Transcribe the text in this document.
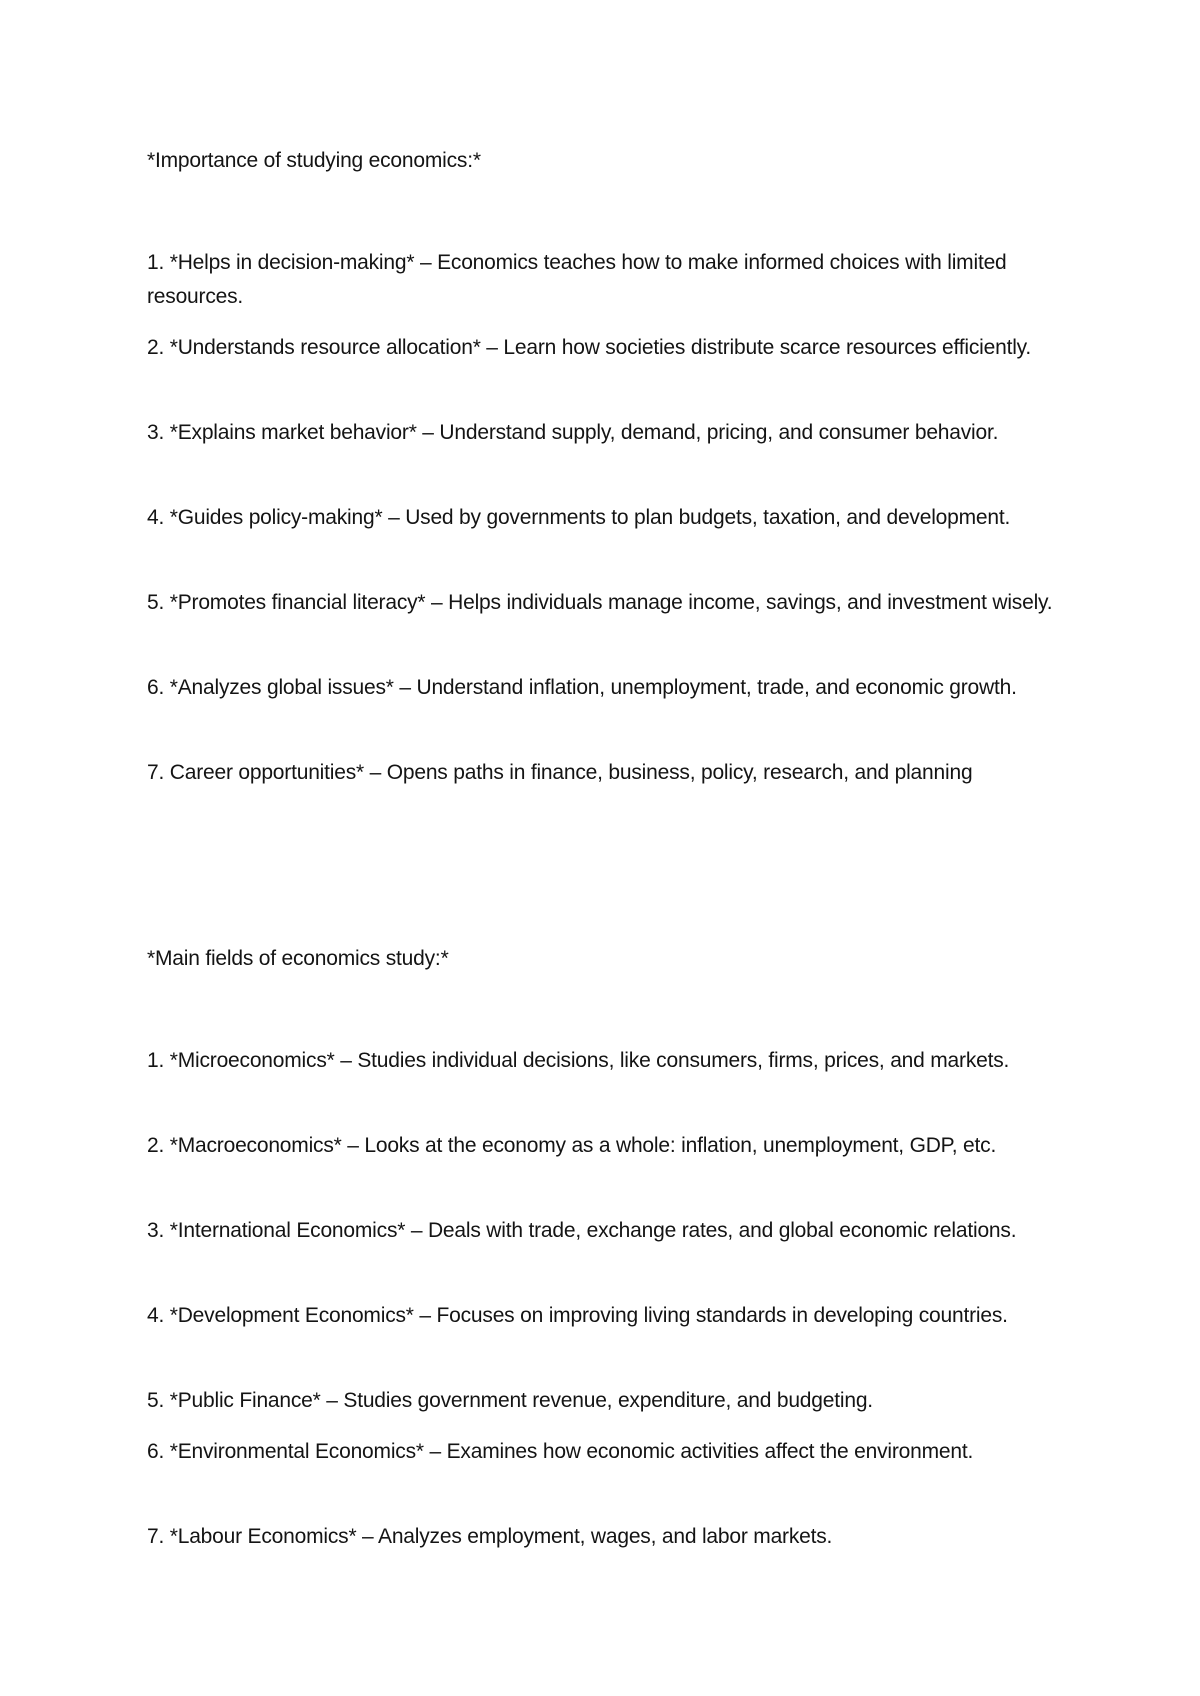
*Importance of studying economics:*

1. *Helps in decision-making* – Economics teaches how to make informed choices with limited resources.

2. *Understands resource allocation* – Learn how societies distribute scarce resources efficiently.

3. *Explains market behavior* – Understand supply, demand, pricing, and consumer behavior.

4. *Guides policy-making* – Used by governments to plan budgets, taxation, and development.

5. *Promotes financial literacy* – Helps individuals manage income, savings, and investment wisely.

6. *Analyzes global issues* – Understand inflation, unemployment, trade, and economic growth.

7. Career opportunities* – Opens paths in finance, business, policy, research, and planning

*Main fields of economics study:*

1. *Microeconomics* – Studies individual decisions, like consumers, firms, prices, and markets.

2. *Macroeconomics* – Looks at the economy as a whole: inflation, unemployment, GDP, etc.

3. *International Economics* – Deals with trade, exchange rates, and global economic relations.

4. *Development Economics* – Focuses on improving living standards in developing countries.

5. *Public Finance* – Studies government revenue, expenditure, and budgeting.

6. *Environmental Economics* – Examines how economic activities affect the environment.

7. *Labour Economics* – Analyzes employment, wages, and labor markets.
